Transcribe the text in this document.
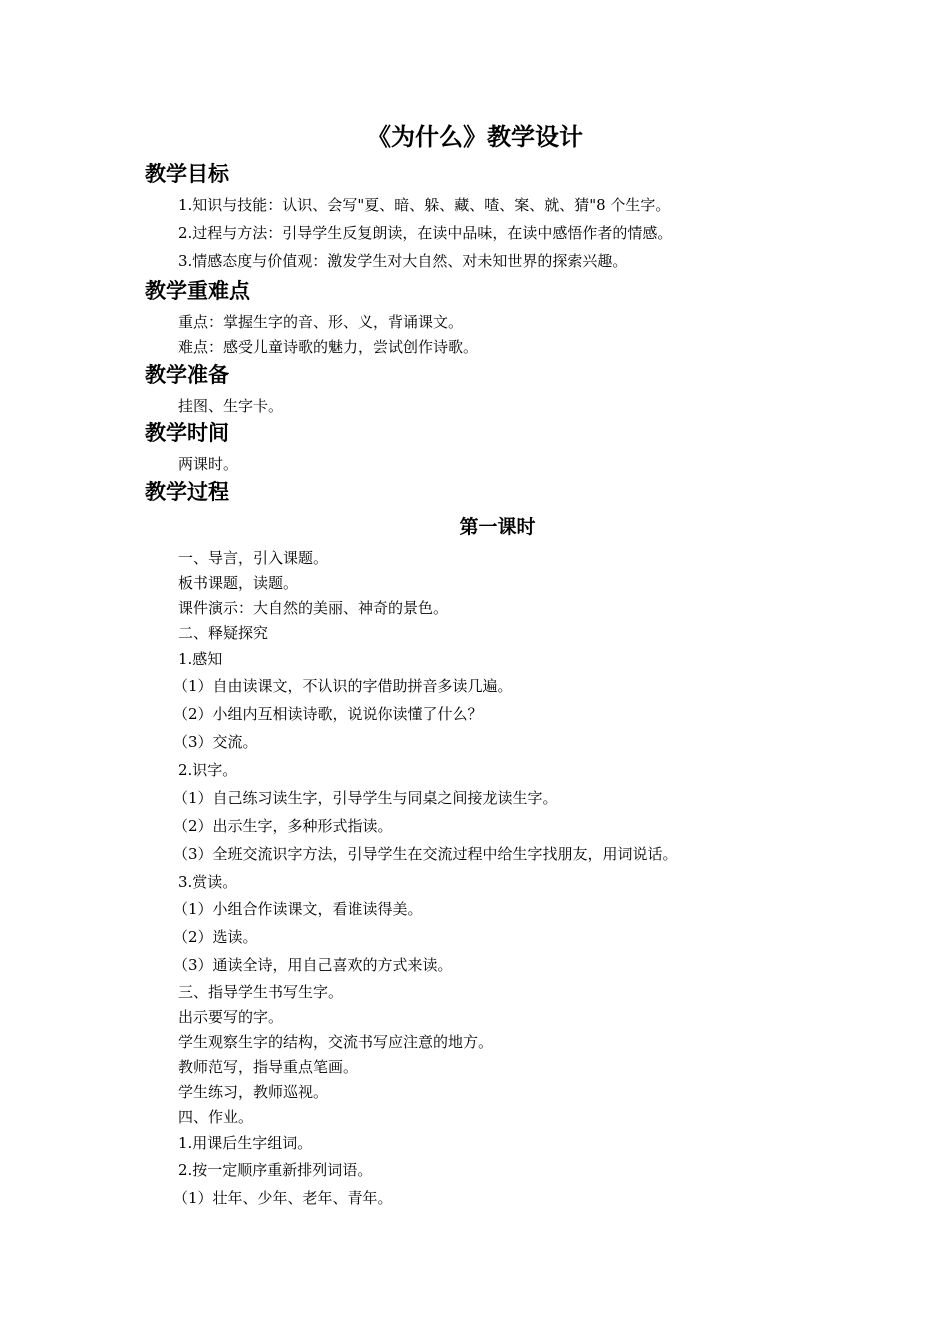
《为什么》教学设计
教学目标
1.知识与技能：认识、会写"夏、暗、躲、藏、喳、案、就、猜"8 个生字。
2.过程与方法：引导学生反复朗读，在读中品味，在读中感悟作者的情感。
3.情感态度与价值观：激发学生对大自然、对未知世界的探索兴趣。
教学重难点
重点：掌握生字的音、形、义，背诵课文。
难点：感受儿童诗歌的魅力，尝试创作诗歌。
教学准备
挂图、生字卡。
教学时间
两课时。
教学过程
第一课时
一、导言，引入课题。
板书课题，读题。
课件演示：大自然的美丽、神奇的景色。
二、释疑探究
1.感知
（1）自由读课文，不认识的字借助拼音多读几遍。
（2）小组内互相读诗歌，说说你读懂了什么？
（3）交流。
2.识字。
（1）自己练习读生字，引导学生与同桌之间接龙读生字。
（2）出示生字，多种形式指读。
（3）全班交流识字方法，引导学生在交流过程中给生字找朋友，用词说话。
3.赏读。
（1）小组合作读课文，看谁读得美。
（2）选读。
（3）通读全诗，用自己喜欢的方式来读。
三、指导学生书写生字。
出示要写的字。
学生观察生字的结构，交流书写应注意的地方。
教师范写，指导重点笔画。
学生练习，教师巡视。
四、作业。
1.用课后生字组词。
2.按一定顺序重新排列词语。
（1）壮年、少年、老年、青年。
